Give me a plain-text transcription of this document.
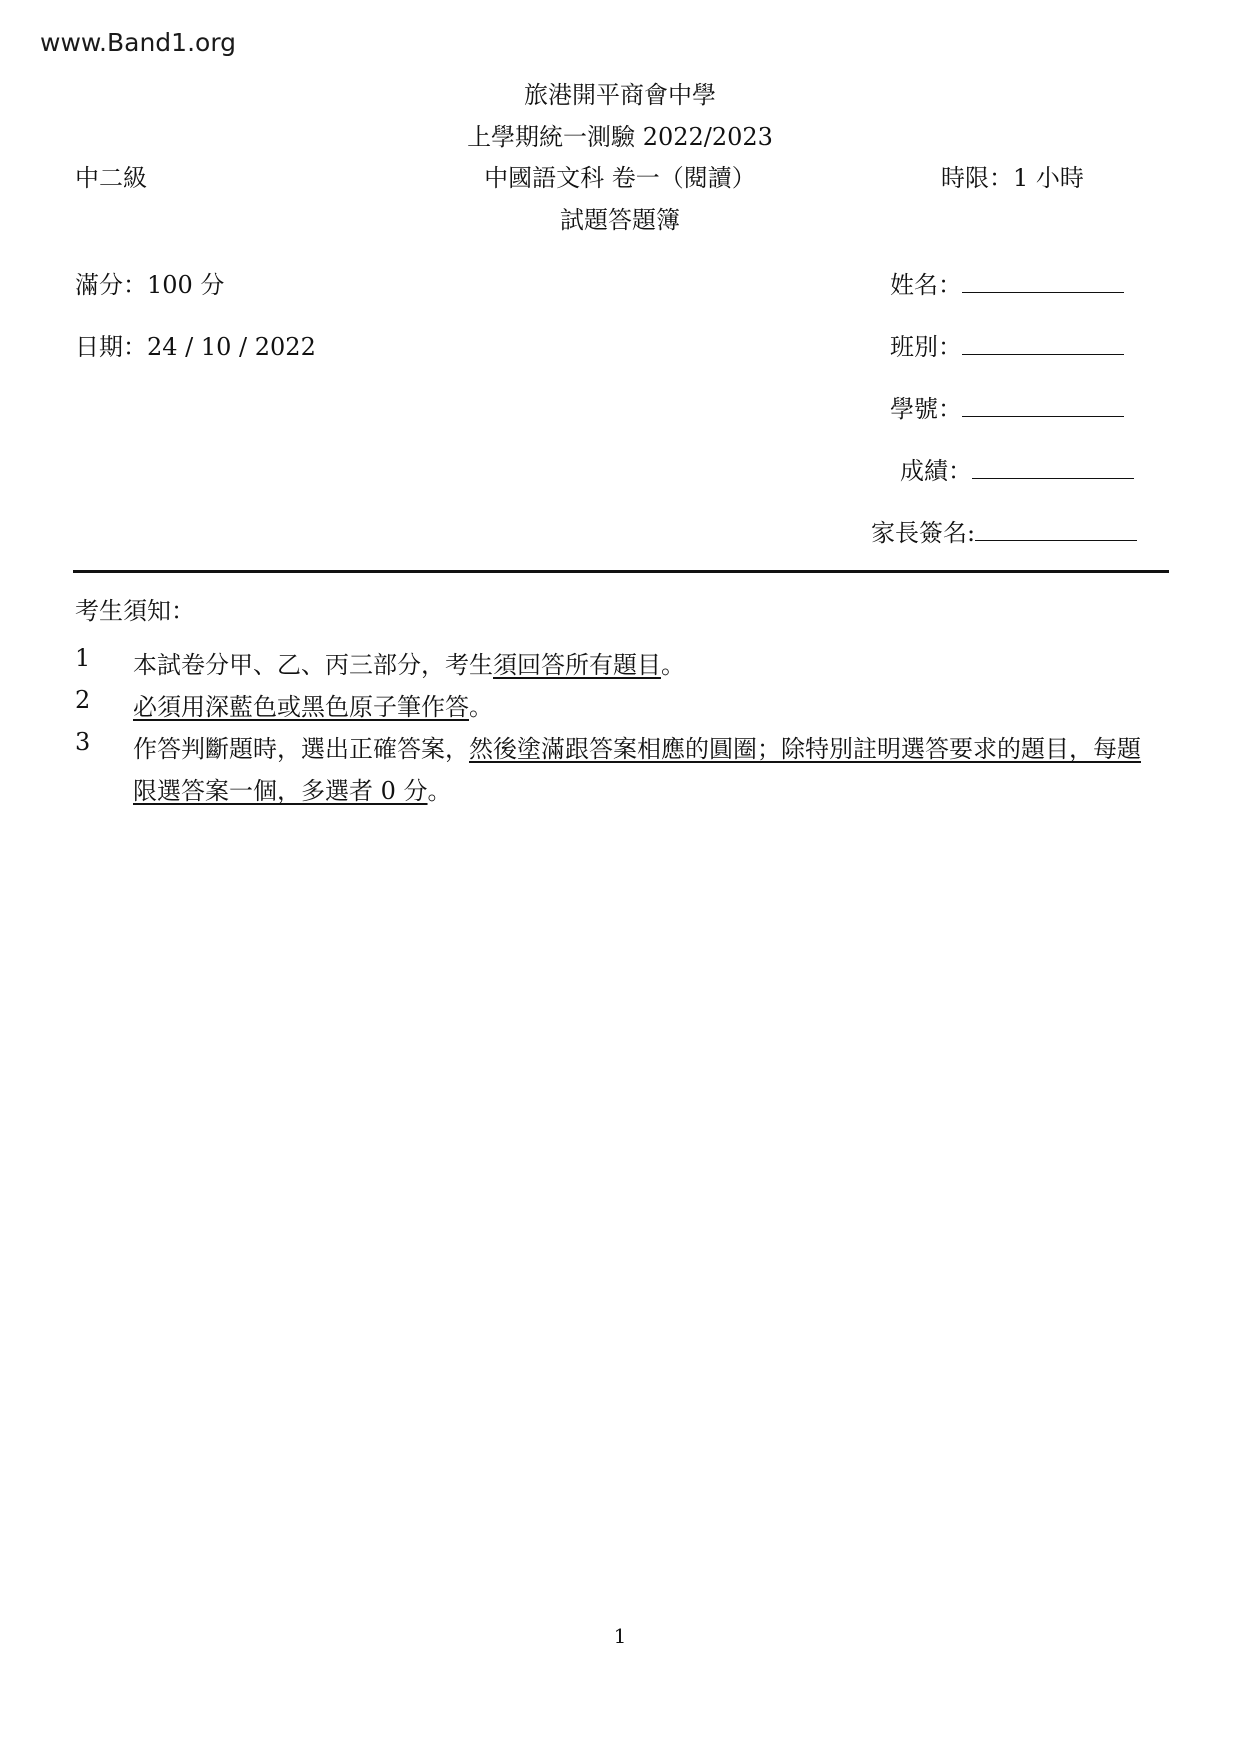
www.Band1.org
旅港開平商會中學
上學期統一測驗 2022/2023
中二級	中國語文科 卷一（閱讀）	時限：1 小時
試題答題簿
滿分：100 分
日期：24 / 10 / 2022
姓名：
班別：
學號：
成績：
家長簽名:
考生須知：
1 本試卷分甲、乙、丙三部分，考生須回答所有題目。
2 必須用深藍色或黑色原子筆作答。
3 作答判斷題時，選出正確答案，然後塗滿跟答案相應的圓圈；除特別註明選答要求的題目，每題限選答案一個，多選者 0 分。
1
